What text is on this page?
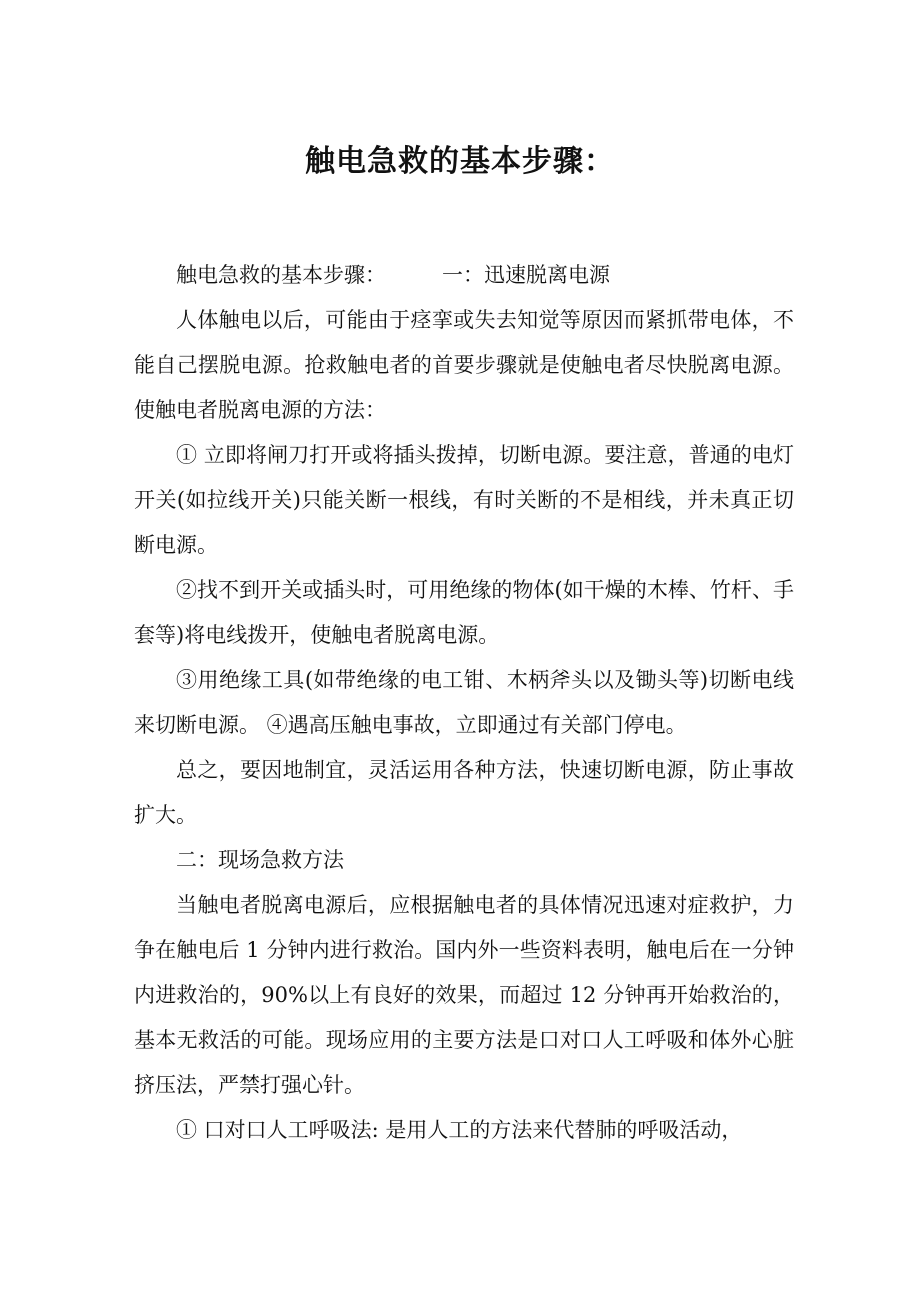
触电急救的基本步骤：

触电急救的基本步骤：	一：迅速脱离电源

人体触电以后，可能由于痉挛或失去知觉等原因而紧抓带电体，不能自己摆脱电源。抢救触电者的首要步骤就是使触电者尽快脱离电源。 使触电者脱离电源的方法：

① 立即将闸刀打开或将插头拨掉，切断电源。要注意，普通的电灯开关(如拉线开关)只能关断一根线，有时关断的不是相线，并未真正切断电源。

②找不到开关或插头时，可用绝缘的物体(如干燥的木棒、竹杆、手套等)将电线拨开，使触电者脱离电源。

③用绝缘工具(如带绝缘的电工钳、木柄斧头以及锄头等)切断电线来切断电源。 ④遇高压触电事故，立即通过有关部门停电。

总之，要因地制宜，灵活运用各种方法，快速切断电源，防止事故扩大。

二：现场急救方法

当触电者脱离电源后，应根据触电者的具体情况迅速对症救护，力争在触电后 1 分钟内进行救治。国内外一些资料表明，触电后在一分钟内进救治的，90%以上有良好的效果，而超过 12 分钟再开始救治的，基本无救活的可能。现场应用的主要方法是口对口人工呼吸和体外心脏挤压法，严禁打强心针。

① 口对口人工呼吸法: 是用人工的方法来代替肺的呼吸活动，
